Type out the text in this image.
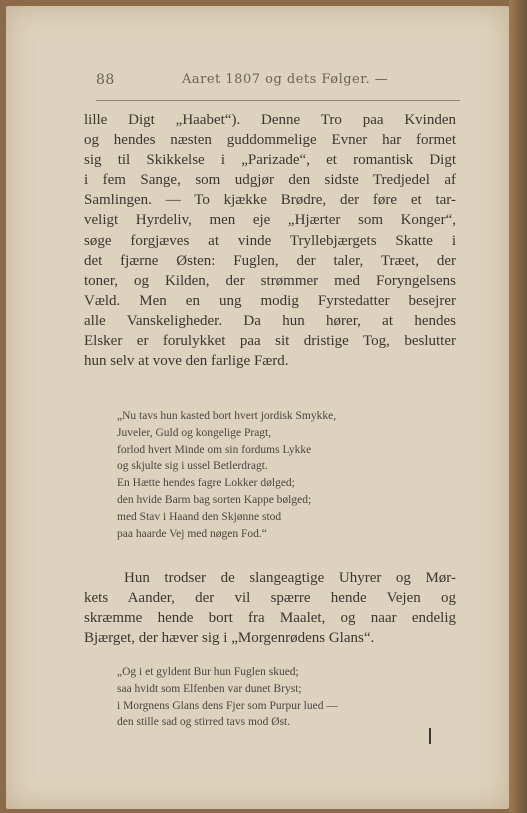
88	Aaret 1807 og dets Følger. —
lille Digt „Haabet“). Denne Tro paa Kvinden
og hendes næsten guddommelige Evner har formet
sig til Skikkelse i „Parizade“, et romantisk Digt
i fem Sange, som udgjør den sidste Tredjedel af
Samlingen. — To kjække Brødre, der føre et tar-
veligt Hyrdeliv, men eje „Hjærter som Konger“,
søge forgjæves at vinde Tryllebjærgets Skatte i
det fjærne Østen: Fuglen, der taler, Træet, der
toner, og Kilden, der strømmer med Foryngelsens
Væld. Men en ung modig Fyrstedatter besejrer
alle Vanskeligheder. Da hun hører, at hendes
Elsker er forulykket paa sit dristige Tog, beslutter
hun selv at vove den farlige Færd.
„Nu tavs hun kasted bort hvert jordisk Smykke,
Juveler, Guld og kongelige Pragt,
forlod hvert Minde om sin fordums Lykke
og skjulte sig i ussel Betlerdragt.
En Hætte hendes fagre Lokker dølged;
den hvide Barm bag sorten Kappe bølged;
med Stav i Haand den Skjønne stod
paa haarde Vej med nøgen Fod.“
Hun trodser de slangeagtige Uhyrer og Mør-
kets Aander, der vil spærre hende Vejen og
skræmme hende bort fra Maalet, og naar endelig
Bjærget, der hæver sig i „Morgenrødens Glans“.
„Og i et gyldent Bur hun Fuglen skued;
saa hvidt som Elfenben var dunet Bryst;
i Morgnens Glans dens Fjer som Purpur lued —
den stille sad og stirred tavs mod Øst.
